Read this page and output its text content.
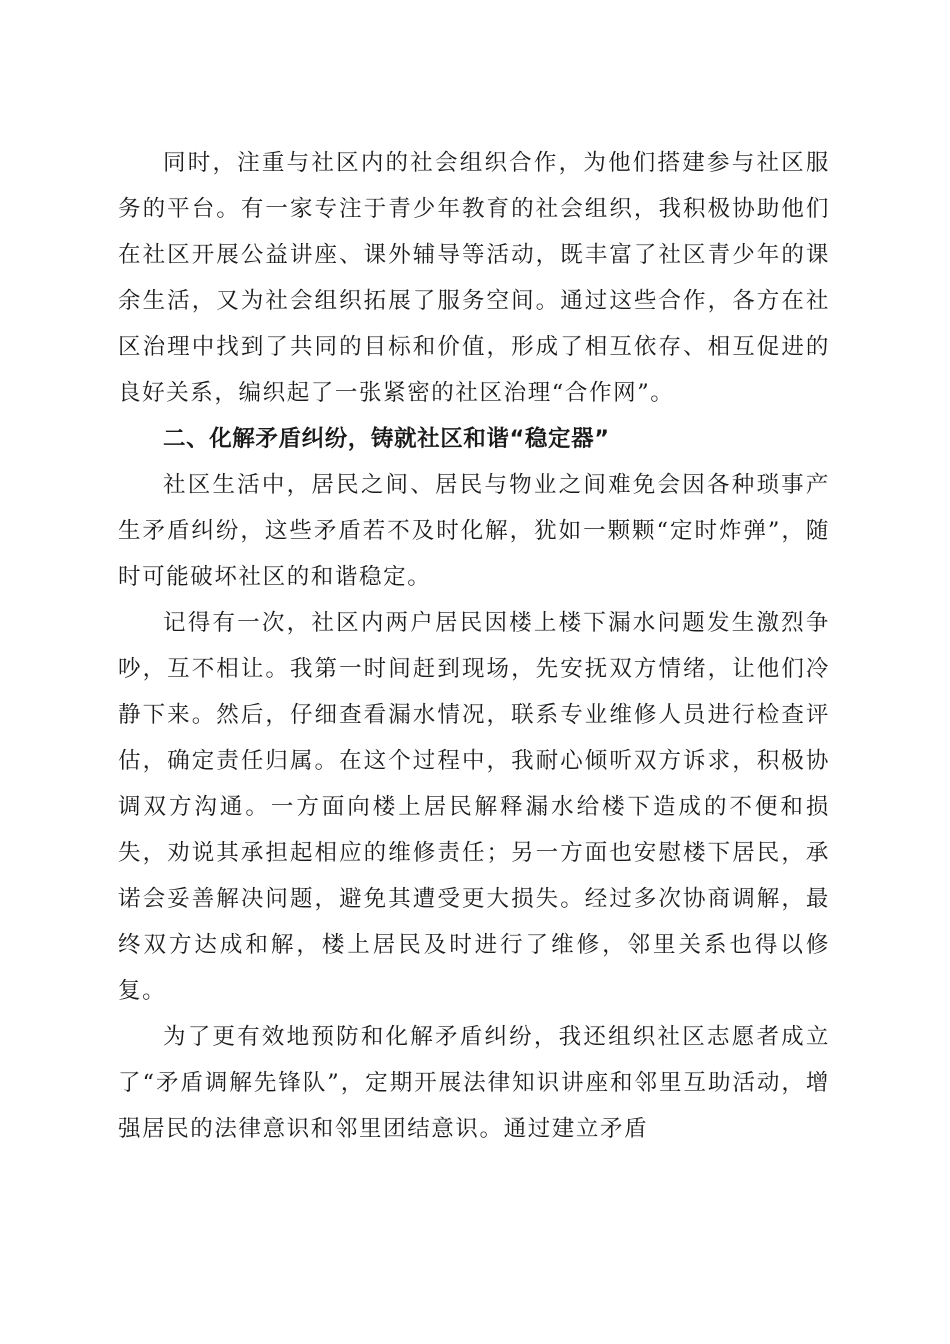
同时，注重与社区内的社会组织合作，为他们搭建参与社区服务的平台。有一家专注于青少年教育的社会组织，我积极协助他们在社区开展公益讲座、课外辅导等活动，既丰富了社区青少年的课余生活，又为社会组织拓展了服务空间。通过这些合作，各方在社区治理中找到了共同的目标和价值，形成了相互依存、相互促进的良好关系，编织起了一张紧密的社区治理“合作网”。

二、化解矛盾纠纷，铸就社区和谐“稳定器”

社区生活中，居民之间、居民与物业之间难免会因各种琐事产生矛盾纠纷，这些矛盾若不及时化解，犹如一颗颗“定时炸弹”，随时可能破坏社区的和谐稳定。

记得有一次，社区内两户居民因楼上楼下漏水问题发生激烈争吵，互不相让。我第一时间赶到现场，先安抚双方情绪，让他们冷静下来。然后，仔细查看漏水情况，联系专业维修人员进行检查评估，确定责任归属。在这个过程中，我耐心倾听双方诉求，积极协调双方沟通。一方面向楼上居民解释漏水给楼下造成的不便和损失，劝说其承担起相应的维修责任；另一方面也安慰楼下居民，承诺会妥善解决问题，避免其遭受更大损失。经过多次协商调解，最终双方达成和解，楼上居民及时进行了维修，邻里关系也得以修复。

为了更有效地预防和化解矛盾纠纷，我还组织社区志愿者成立了“矛盾调解先锋队”，定期开展法律知识讲座和邻里互助活动，增强居民的法律意识和邻里团结意识。通过建立矛盾
